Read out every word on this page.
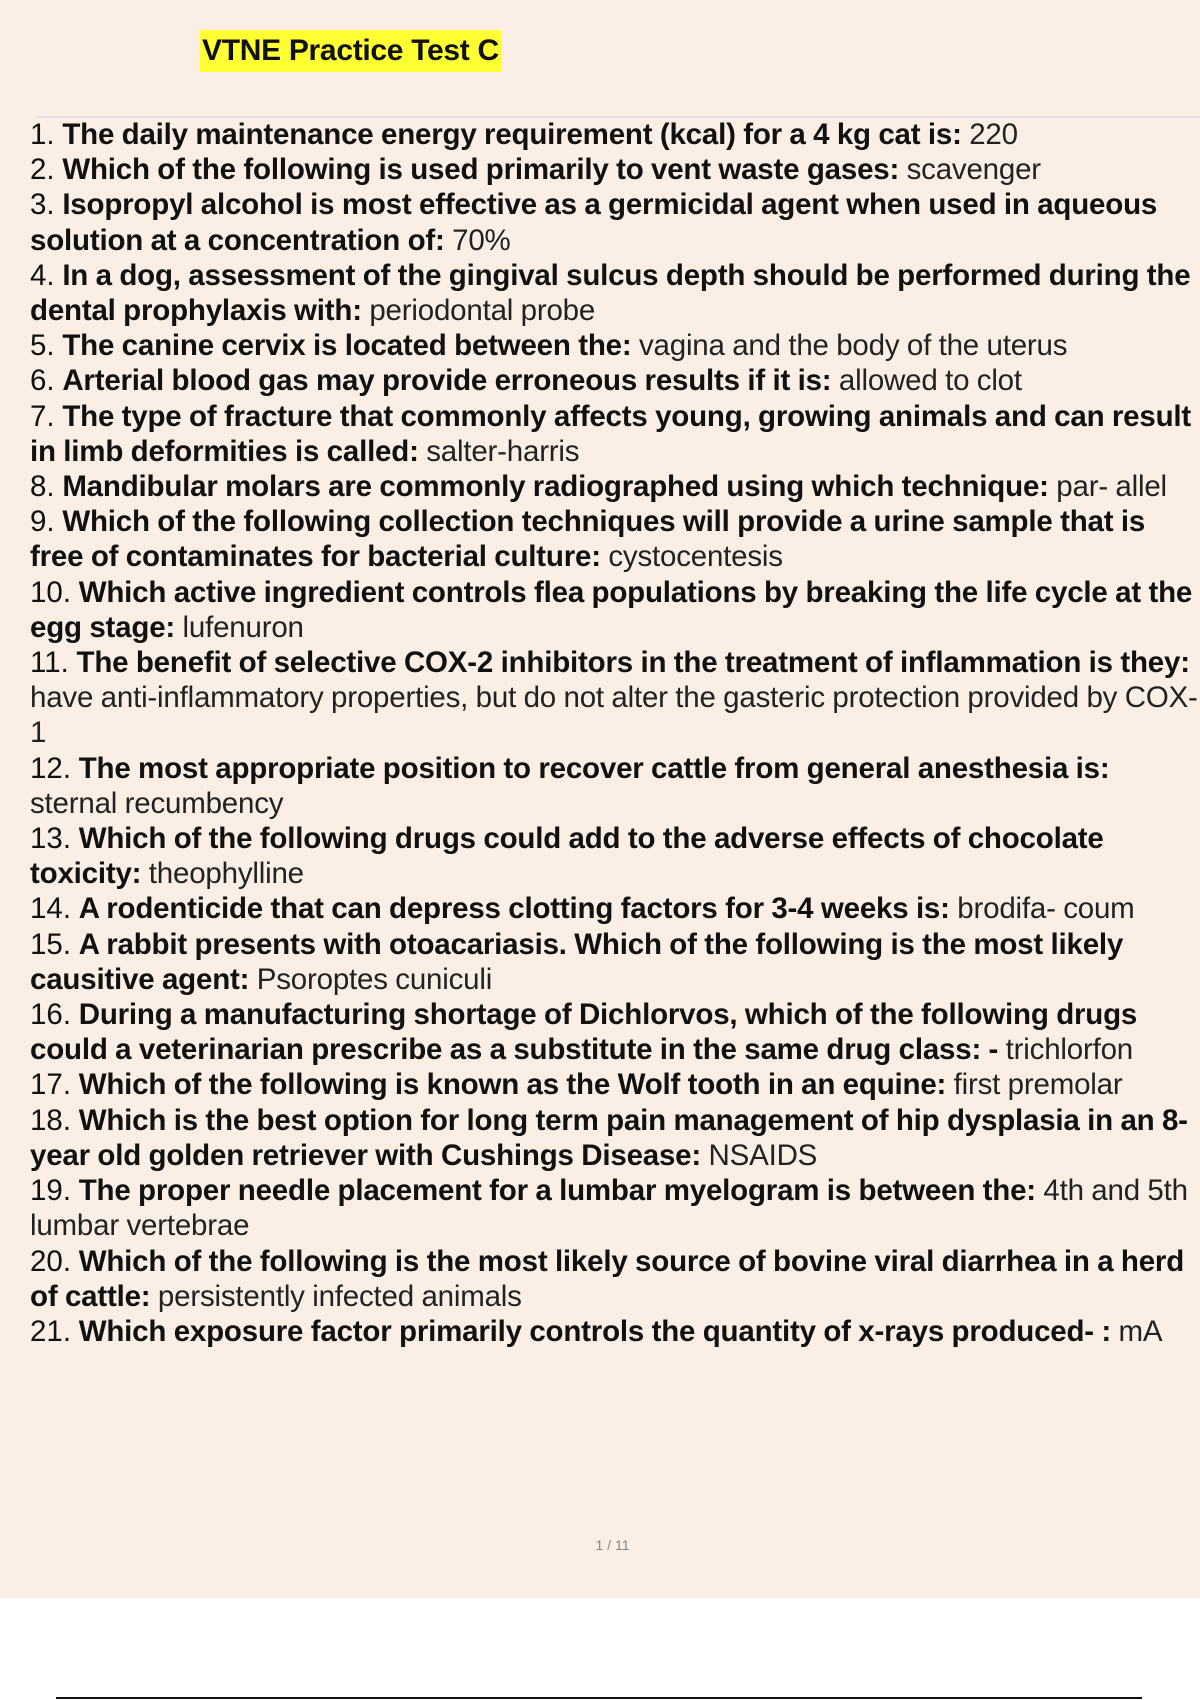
VTNE Practice Test C
1. The daily maintenance energy requirement (kcal) for a 4 kg cat is: 220
2. Which of the following is used primarily to vent waste gases: scavenger
3. Isopropyl alcohol is most effective as a germicidal agent when used in aqueous solution at a concentration of: 70%
4. In a dog, assessment of the gingival sulcus depth should be performed during the dental prophylaxis with: periodontal probe
5. The canine cervix is located between the: vagina and the body of the uterus
6. Arterial blood gas may provide erroneous results if it is: allowed to clot
7. The type of fracture that commonly affects young, growing animals and can result in limb deformities is called: salter-harris
8. Mandibular molars are commonly radiographed using which technique: par- allel
9. Which of the following collection techniques will provide a urine sample that is free of contaminates for bacterial culture: cystocentesis
10. Which active ingredient controls flea populations by breaking the life cycle at the egg stage: lufenuron
11. The benefit of selective COX-2 inhibitors in the treatment of inflammation is they: have anti-inflammatory properties, but do not alter the gasteric protection provided by COX-1
12. The most appropriate position to recover cattle from general anesthesia is: sternal recumbency
13. Which of the following drugs could add to the adverse effects of chocolate toxicity: theophylline
14. A rodenticide that can depress clotting factors for 3-4 weeks is: brodifa- coum
15. A rabbit presents with otoacariasis. Which of the following is the most likely causitive agent: Psoroptes cuniculi
16. During a manufacturing shortage of Dichlorvos, which of the following drugs could a veterinarian prescribe as a substitute in the same drug class: - trichlorfon
17. Which of the following is known as the Wolf tooth in an equine: first premolar
18. Which is the best option for long term pain management of hip dysplasia in an 8-year old golden retriever with Cushings Disease: NSAIDS
19. The proper needle placement for a lumbar myelogram is between the: 4th and 5th lumbar vertebrae
20. Which of the following is the most likely source of bovine viral diarrhea in a herd of cattle: persistently infected animals
21. Which exposure factor primarily controls the quantity of x-rays produced- : mA
1 / 11
